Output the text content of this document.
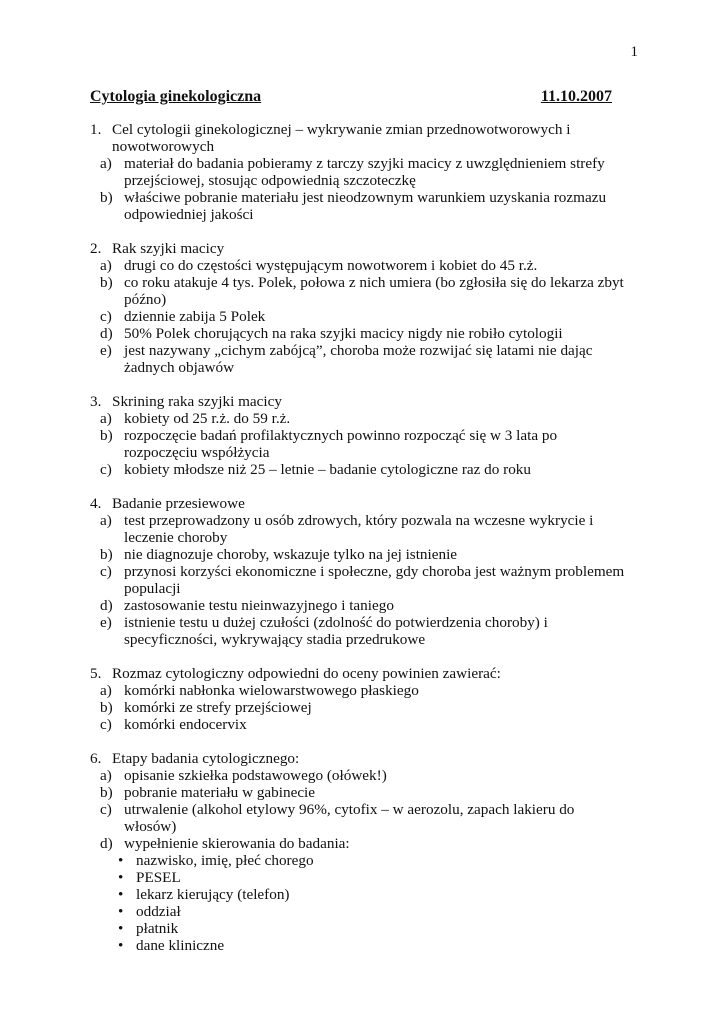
1
Cytologia ginekologiczna	11.10.2007
1. Cel cytologii ginekologicznej – wykrywanie zmian przednowotworowych i nowotworowych
a) materiał do badania pobieramy z tarczy szyjki macicy z uwzględnieniem strefy przejściowej, stosując odpowiednią szczoteczkę
b) właściwe pobranie materiału jest nieodzownym warunkiem uzyskania rozmazu odpowiedniej jakości
2. Rak szyjki macicy
a) drugi co do częstości występującym nowotworem i kobiet do 45 r.ż.
b) co roku atakuje 4 tys. Polek, połowa z nich umiera (bo zgłosiła się do lekarza zbyt późno)
c) dziennie zabija 5 Polek
d) 50% Polek chorujących na raka szyjki macicy nigdy nie robiło cytologii
e) jest nazywany „cichym zabójcą”, choroba może rozwijać się latami nie dając żadnych objawów
3. Skrining raka szyjki macicy
a) kobiety od 25 r.ż. do 59 r.ż.
b) rozpoczęcie badań profilaktycznych powinno rozpocząć się w 3 lata po rozpoczęciu współżycia
c) kobiety młodsze niż 25 – letnie – badanie cytologiczne raz do roku
4. Badanie przesiewowe
a) test przeprowadzony u osób zdrowych, który pozwala na wczesne wykrycie i leczenie choroby
b) nie diagnozuje choroby, wskazuje tylko na jej istnienie
c) przynosi korzyści ekonomiczne i społeczne, gdy choroba jest ważnym problemem populacji
d) zastosowanie testu nieinwazyjnego i taniego
e) istnienie testu u dużej czułości (zdolność do potwierdzenia choroby) i specyficzności, wykrywający stadia przedrukowe
5. Rozmaz cytologiczny odpowiedni do oceny powinien zawierać:
a) komórki nabłonka wielowarstwowego płaskiego
b) komórki ze strefy przejściowej
c) komórki endocervix
6. Etapy badania cytologicznego:
a) opisanie szkiełka podstawowego (ołówek!)
b) pobranie materiału w gabinecie
c) utrwalenie (alkohol etylowy 96%, cytofix – w aerozolu, zapach lakieru do włosów)
d) wypełnienie skierowania do badania:
• nazwisko, imię, płeć chorego
• PESEL
• lekarz kierujący (telefon)
• oddział
• płatnik
• dane kliniczne
